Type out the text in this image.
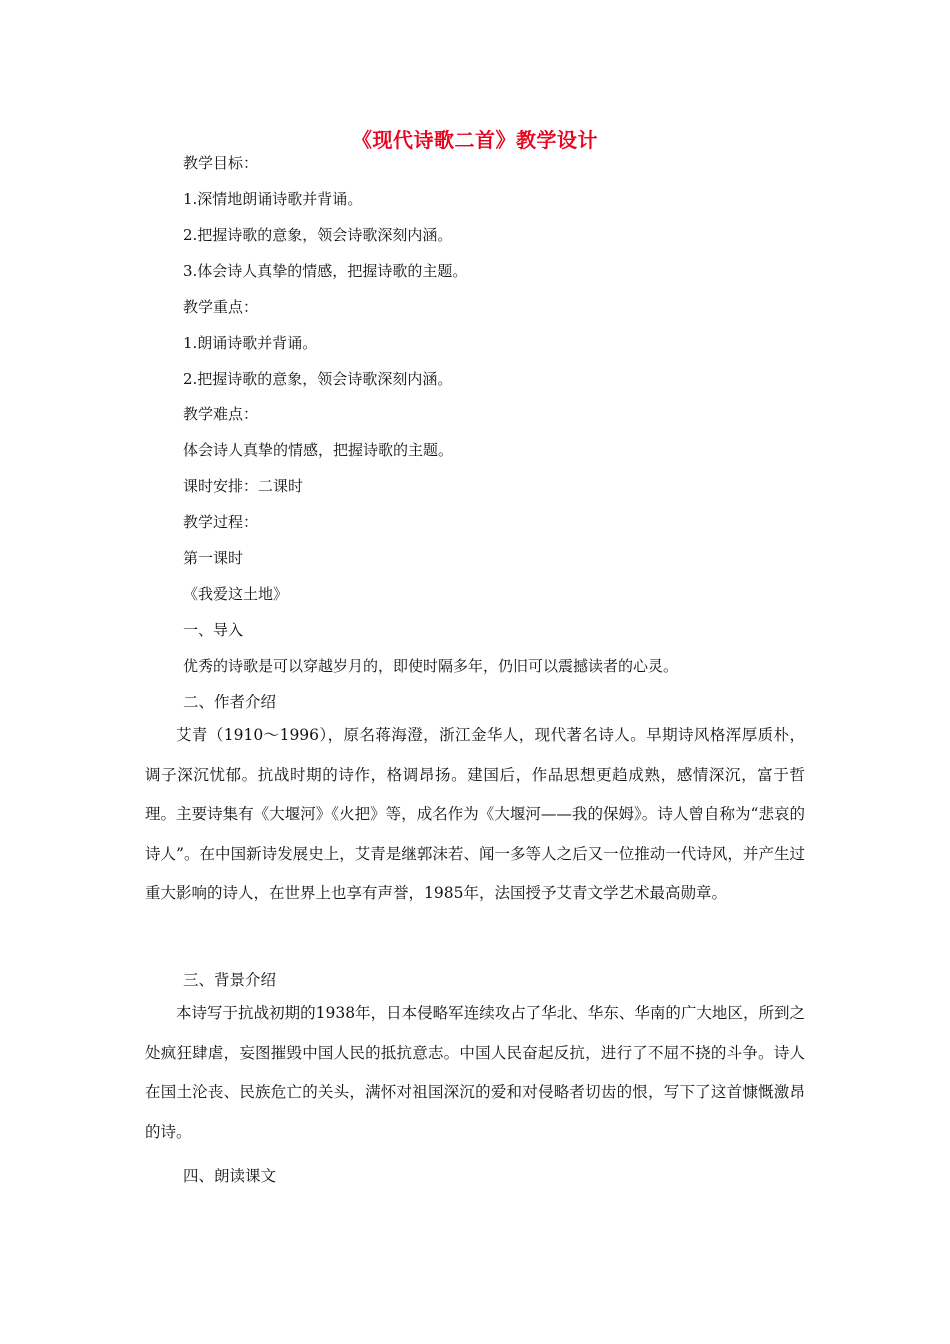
《现代诗歌二首》教学设计
教学目标：
1.深情地朗诵诗歌并背诵。
2.把握诗歌的意象，领会诗歌深刻内涵。
3.体会诗人真挚的情感，把握诗歌的主题。
教学重点：
1.朗诵诗歌并背诵。
2.把握诗歌的意象，领会诗歌深刻内涵。
教学难点：
体会诗人真挚的情感，把握诗歌的主题。
课时安排：二课时
教学过程：
第一课时
《我爱这土地》
一、导入
优秀的诗歌是可以穿越岁月的，即使时隔多年，仍旧可以震撼读者的心灵。
二、作者介绍

艾青（1910～1996），原名蒋海澄，浙江金华人，现代著名诗人。早期诗风格浑厚质朴，调子深沉忧郁。抗战时期的诗作，格调昂扬。建国后，作品思想更趋成熟，感情深沉，富于哲理。主要诗集有《大堰河》《火把》等，成名作为《大堰河——我的保姆》。诗人曾自称为“悲哀的诗人”。在中国新诗发展史上，艾青是继郭沫若、闻一多等人之后又一位推动一代诗风，并产生过重大影响的诗人，在世界上也享有声誉，1985年，法国授予艾青文学艺术最高勋章。

三、背景介绍

本诗写于抗战初期的1938年，日本侵略军连续攻占了华北、华东、华南的广大地区，所到之处疯狂肆虐，妄图摧毁中国人民的抵抗意志。中国人民奋起反抗，进行了不屈不挠的斗争。诗人在国土沦丧、民族危亡的关头，满怀对祖国深沉的爱和对侵略者切齿的恨，写下了这首慷慨激昂的诗。

四、朗读课文
